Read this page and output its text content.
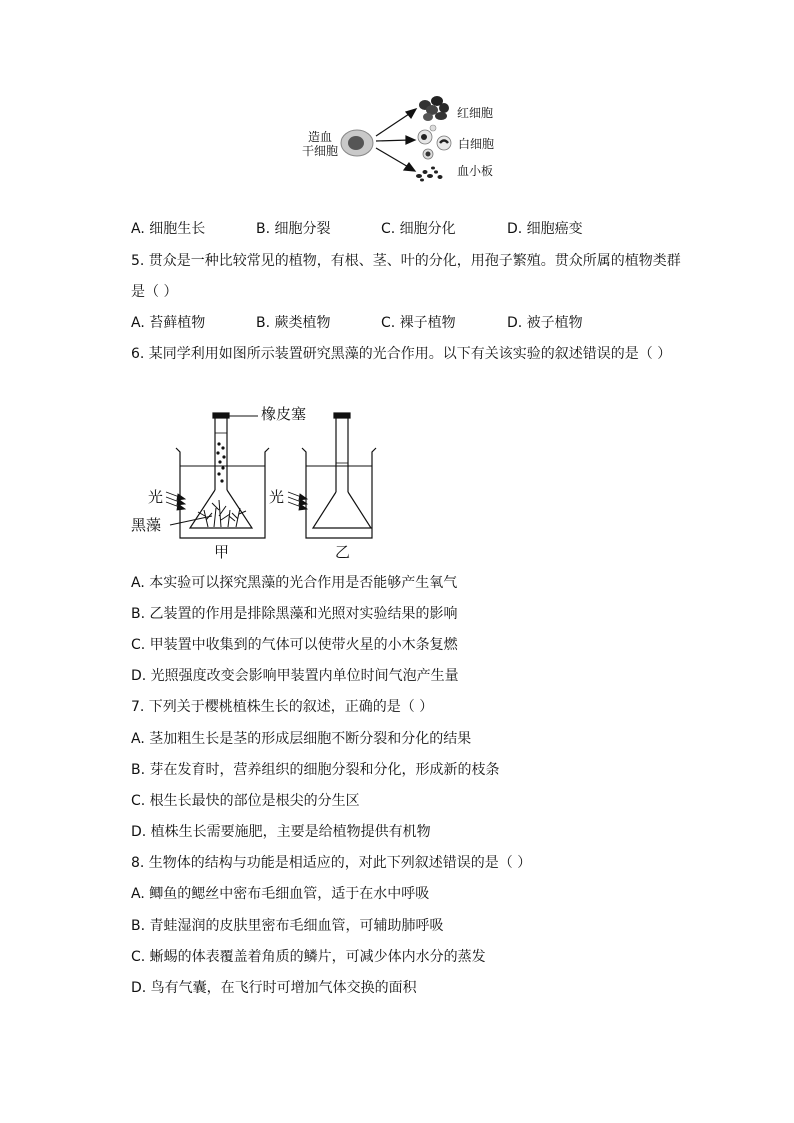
造血
干细胞
红细胞
白细胞
血小板
A. 细胞生长	B. 细胞分裂	C. 细胞分化	D. 细胞癌变
5. 贯众是一种比较常见的植物，有根、茎、叶的分化，用孢子繁殖。贯众所属的植物类群
是（ ）
A. 苔藓植物	B. 蕨类植物	C. 裸子植物	D. 被子植物
6. 某同学利用如图所示装置研究黑藻的光合作用。以下有关该实验的叙述错误的是（ ）
橡皮塞
光	光
黑藻
甲	乙
A. 本实验可以探究黑藻的光合作用是否能够产生氧气
B. 乙装置的作用是排除黑藻和光照对实验结果的影响
C. 甲装置中收集到的气体可以使带火星的小木条复燃
D. 光照强度改变会影响甲装置内单位时间气泡产生量
7. 下列关于樱桃植株生长的叙述，正确的是（ ）
A. 茎加粗生长是茎的形成层细胞不断分裂和分化的结果
B. 芽在发育时，营养组织的细胞分裂和分化，形成新的枝条
C. 根生长最快的部位是根尖的分生区
D. 植株生长需要施肥，主要是给植物提供有机物
8. 生物体的结构与功能是相适应的，对此下列叙述错误的是（ ）
A. 鲫鱼的鳃丝中密布毛细血管，适于在水中呼吸
B. 青蛙湿润的皮肤里密布毛细血管，可辅助肺呼吸
C. 蜥蜴的体表覆盖着角质的鳞片，可减少体内水分的蒸发
D. 鸟有气囊，在飞行时可增加气体交换的面积
